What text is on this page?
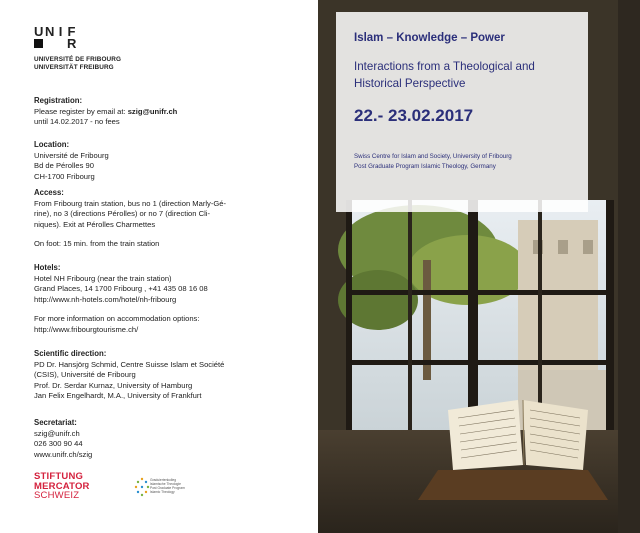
U N I F
R
UNIVERSITÉ DE FRIBOURG
UNIVERSITÄT FREIBURG
Registration:

Please register by email at: szig@unifr.ch

until 14.02.2017 - no fees

Location:

Université de Fribourg

Bd de Pérolles 90

CH-1700 Fribourg

Access:

From Fribourg train station, bus no 1 (direction Marly-Gé-

rine), no 3 (directions Pérolles) or no 7 (direction Cli-

niques). Exit at Pérolles Charmettes

On foot: 15 min. from the train station

Hotels:

Hotel NH Fribourg (near the train station)

Grand Places, 14 1700 Fribourg , +41 435 08 16 08

http://www.nh-hotels.com/hotel/nh-fribourg

For more information on accommodation options:

http://www.fribourgtourisme.ch/

Scientific direction:

PD Dr. Hansjörg Schmid, Centre Suisse Islam et Société

(CSIS), Université de Fribourg

Prof. Dr. Serdar Kurnaz, University of Hamburg

Jan Felix Engelhardt, M.A., University of Frankfurt

Secretariat:

szig@unifr.ch

026 300 90 44

www.unifr.ch/szig

STIFTUNG
MERCATOR
SCHWEIZ
Graduiertenkolleg
Islamische Theologie
Post Graduate Program
Islamic Theology
Islam – Knowledge – Power
Interactions from a Theological and Historical Perspective
22.- 23.02.2017
Swiss Centre for Islam and Society, University of Fribourg
Post Graduate Program Islamic Theology, Germany
